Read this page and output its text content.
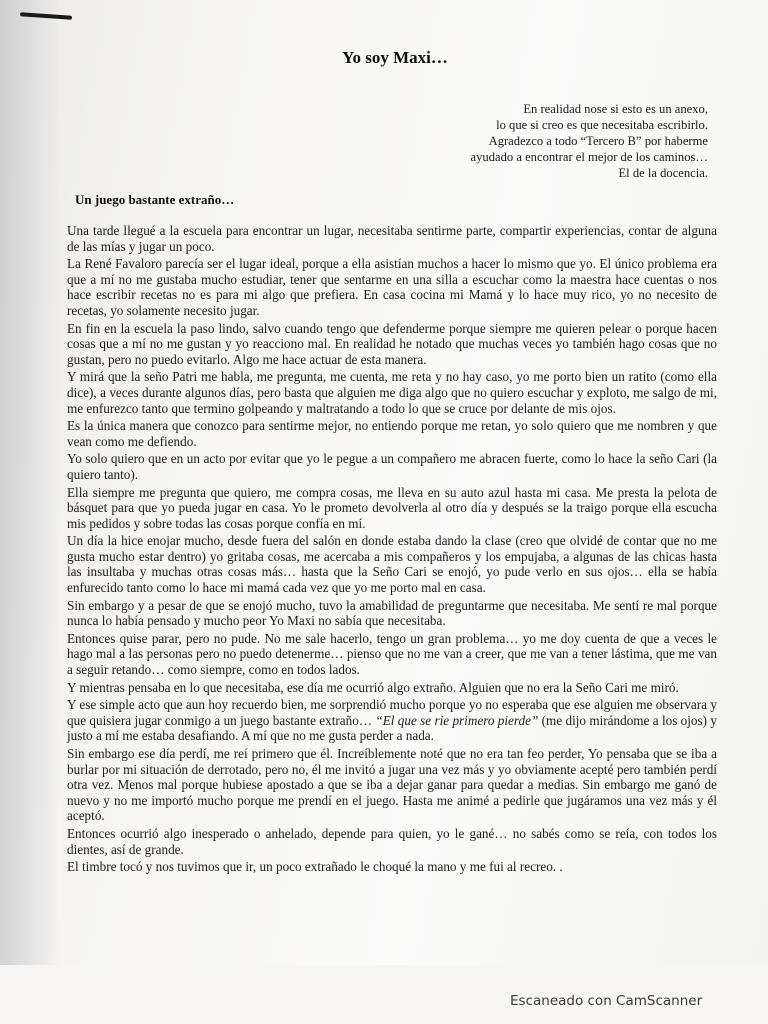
Yo soy Maxi…
En realidad nose si esto es un anexo,
lo que si creo es que necesitaba escribirlo.
Agradezco a todo “Tercero B” por haberme
ayudado a encontrar el mejor de los caminos…
El de la docencia.
Un juego bastante extraño…

Una tarde llegué a la escuela para encontrar un lugar, necesitaba sentirme parte, compartir experiencias, contar de alguna de las mías y jugar un poco.

La René Favaloro parecía ser el lugar ideal, porque a ella asistían muchos a hacer lo mismo que yo. El único problema era que a mí no me gustaba mucho estudiar, tener que sentarme en una silla a escuchar como la maestra hace cuentas o nos hace escribir recetas no es para mi algo que prefiera. En casa cocina mi Mamá y lo hace muy rico, yo no necesito de recetas, yo solamente necesito jugar.

En fin en la escuela la paso lindo, salvo cuando tengo que defenderme porque siempre me quieren pelear o porque hacen cosas que a mí no me gustan y yo reacciono mal. En realidad he notado que muchas veces yo también hago cosas que no gustan, pero no puedo evitarlo. Algo me hace actuar de esta manera.

Y mirá que la seño Patri me habla, me pregunta, me cuenta, me reta y no hay caso, yo me porto bien un ratito (como ella dice), a veces durante algunos días, pero basta que alguien me diga algo que no quiero escuchar y exploto, me salgo de mi, me enfurezco tanto que termino golpeando y maltratando a todo lo que se cruce por delante de mis ojos.

Es la única manera que conozco para sentirme mejor, no entiendo porque me retan, yo solo quiero que me nombren y que vean como me defiendo.

Yo solo quiero que en un acto por evitar que yo le pegue a un compañero me abracen fuerte, como lo hace la seño Cari (la quiero tanto).

Ella siempre me pregunta que quiero, me compra cosas, me lleva en su auto azul hasta mi casa. Me presta la pelota de básquet para que yo pueda jugar en casa. Yo le prometo devolverla al otro día y después se la traigo porque ella escucha mis pedidos y sobre todas las cosas porque confía en mí.

Un día la hice enojar mucho, desde fuera del salón en donde estaba dando la clase (creo que olvidé de contar que no me gusta mucho estar dentro) yo gritaba cosas, me acercaba a mis compañeros y los empujaba, a algunas de las chicas hasta las insultaba y muchas otras cosas más… hasta que la Seño Cari se enojó, yo pude verlo en sus ojos… ella se había enfurecido tanto como lo hace mi mamá cada vez que yo me porto mal en casa.

Sin embargo y a pesar de que se enojó mucho, tuvo la amabilidad de preguntarme que necesitaba. Me sentí re mal porque nunca lo había pensado y mucho peor Yo Maxi no sabía que necesitaba.

Entonces quise parar, pero no pude. No me sale hacerlo, tengo un gran problema… yo me doy cuenta de que a veces le hago mal a las personas pero no puedo detenerme… pienso que no me van a creer, que me van a tener lástima, que me van a seguir retando… como siempre, como en todos lados.

Y mientras pensaba en lo que necesitaba, ese día me ocurrió algo extraño. Alguien que no era la Seño Cari me miró.

Y ese simple acto que aun hoy recuerdo bien, me sorprendió mucho porque yo no esperaba que ese alguien me observara y que quisiera jugar conmigo a un juego bastante extraño… “El que se rie primero pierde” (me dijo mirándome a los ojos) y justo a mí me estaba desafiando. A mí que no me gusta perder a nada.

Sin embargo ese día perdí, me reí primero que él. Increíblemente noté que no era tan feo perder, Yo pensaba que se iba a burlar por mi situación de derrotado, pero no, él me invitó a jugar una vez más y yo obviamente acepté pero también perdí otra vez. Menos mal porque hubiese apostado a que se iba a dejar ganar para quedar a medias. Sin embargo me ganó de nuevo y no me importó mucho porque me prendí en el juego. Hasta me animé a pedirle que jugáramos una vez más y él aceptó.

Entonces ocurrió algo inesperado o anhelado, depende para quien, yo le gané… no sabés como se reía, con todos los dientes, así de grande.

El timbre tocó y nos tuvimos que ir, un poco extrañado le choqué la mano y me fui al recreo. .

Escaneado con CamScanner
